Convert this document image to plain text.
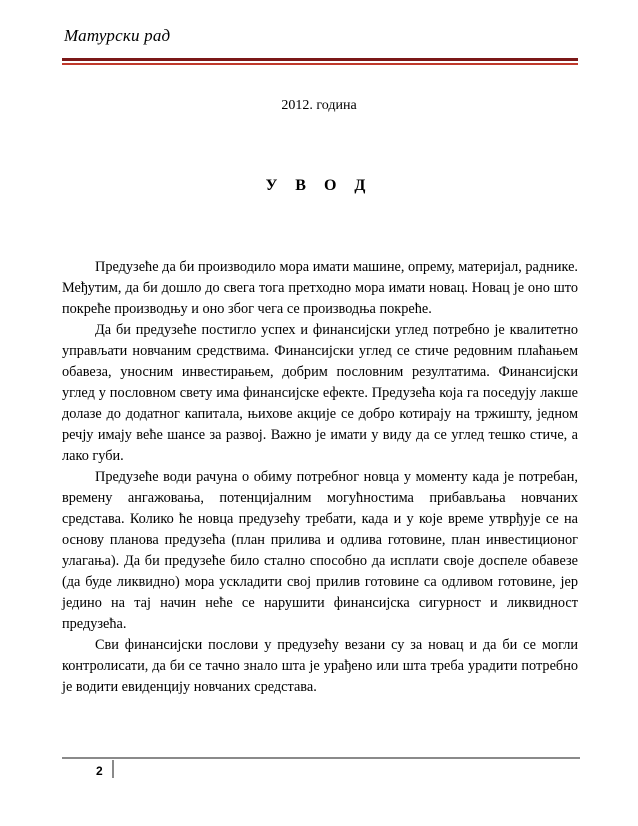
Матурски рад
2012. година
У В О Д

Предузеће да би производило мора имати машине, опрему, материјал, раднике. Међутим, да би дошло до свега тога претходно мора имати новац. Новац је оно што покреће производњу и оно због чега се производња покреће.

Да би предузеће постигло успех и финансијски углед потребно је квалитетно управљати новчаним средствима. Финансијски углед се стиче редовним плаћањем обавеза, уносним инвестирањем, добрим пословним резултатима. Финансијски углед у пословном свету има финансијске ефекте. Предузећа која га поседују лакше долазе до додатног капитала, њихове акције се добро котирају на тржишту, једном речју имају веће шансе за развој. Важно је имати у виду да се углед тешко стиче, а лако губи.

Предузеће води рачуна о обиму потребног новца у моменту када је потребан, времену ангажовања, потенцијалним могућностима прибављања новчаних средстава. Колико ће новца предузећу требати, када и у које време утврђује се на основу планова предузећа (план прилива и одлива готовине, план инвестиционог улагања). Да би предузеће било стално способно да исплати своје доспеле обавезе (да буде ликвидно) мора ускладити свој прилив готовине са одливом готовине, јер једино на тај начин неће се нарушити финансијска сигурност и ликвидност предузећа.

Сви финансијски послови у предузећу везани су за новац и да би се могли контролисати, да би се тачно знало шта је урађено или шта треба урадити потребно је водити евиденцију новчаних средстава.

2
